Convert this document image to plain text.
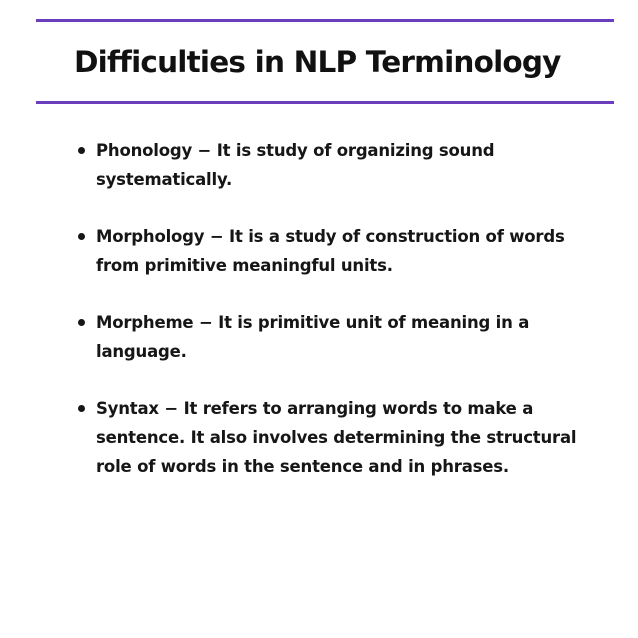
Difficulties in NLP Terminology
Phonology − It is study of organizing sound systematically.
Morphology − It is a study of construction of words from primitive meaningful units.
Morpheme − It is primitive unit of meaning in a language.
Syntax − It refers to arranging words to make a sentence. It also involves determining the structural role of words in the sentence and in phrases.
